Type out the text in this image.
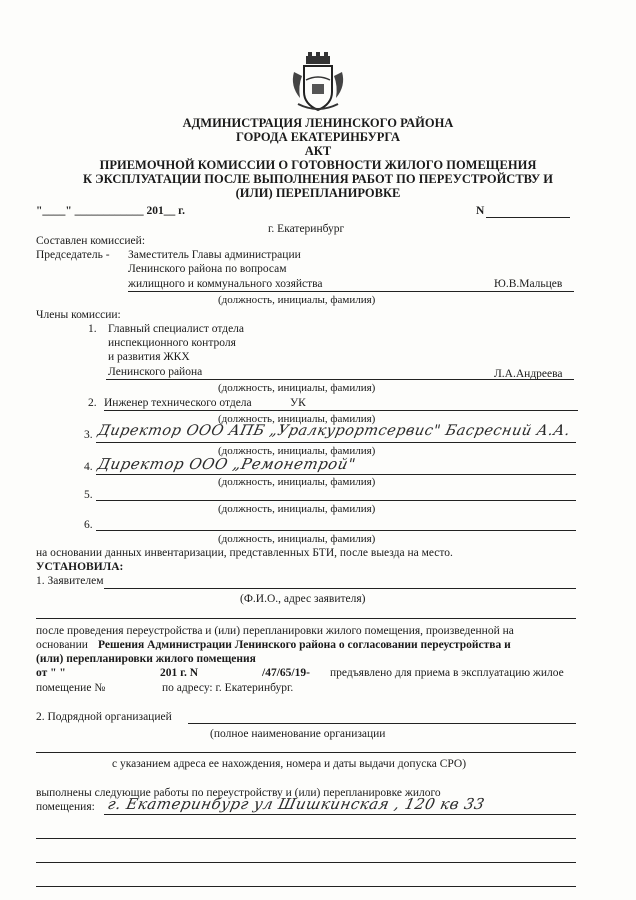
АДМИНИСТРАЦИЯ ЛЕНИНСКОГО РАЙОНА
ГОРОДА ЕКАТЕРИНБУРГА
АКТ
ПРИЕМОЧНОЙ КОМИССИИ О ГОТОВНОСТИ ЖИЛОГО ПОМЕЩЕНИЯ
К ЭКСПЛУАТАЦИИ ПОСЛЕ ВЫПОЛНЕНИЯ РАБОТ ПО ПЕРЕУСТРОЙСТВУ И
(ИЛИ) ПЕРЕПЛАНИРОВКЕ
"____" ____________ 201__ г.	N
г. Екатеринбург
Составлен комиссией:
Председатель - Заместитель Главы администрации
Ленинского района по вопросам
жилищного и коммунального хозяйства	Ю.В.Мальцев
(должность, инициалы, фамилия)
Члены комиссии:
1. Главный специалист отдела
инспекционного контроля
и развития ЖКХ
Ленинского района	Л.А.Андреева
(должность, инициалы, фамилия)
2. Инженер технического отдела	УК
(должность, инициалы, фамилия)
3. Директор ООО АПБ „Уралкурортсервис" Басресний А.А.
(должность, инициалы, фамилия)
4. Директор ООО „Ремонетрой"
(должность, инициалы, фамилия)
5.
(должность, инициалы, фамилия)
6.
(должность, инициалы, фамилия)
на основании данных инвентаризации, представленных БТИ, после выезда на место.
УСТАНОВИЛА:
1. Заявителем
(Ф.И.О., адрес заявителя)
после проведения переустройства и (или) перепланировки жилого помещения, произведенной на
основании Решения Администрации Ленинского района о согласовании переустройства и
(или) перепланировки жилого помещения
от " "	201 г. N	/47/65/19- предъявлено для приема в эксплуатацию жилое
помещение №	по адресу: г. Екатеринбург.
2. Подрядной организацией
(полное наименование организации
с указанием адреса ее нахождения, номера и даты выдачи допуска СРО)
выполнены следующие работы по переустройству и (или) перепланировке жилого
помещения: г. Екатеринбург ул Шишкинская , 120 кв 33
